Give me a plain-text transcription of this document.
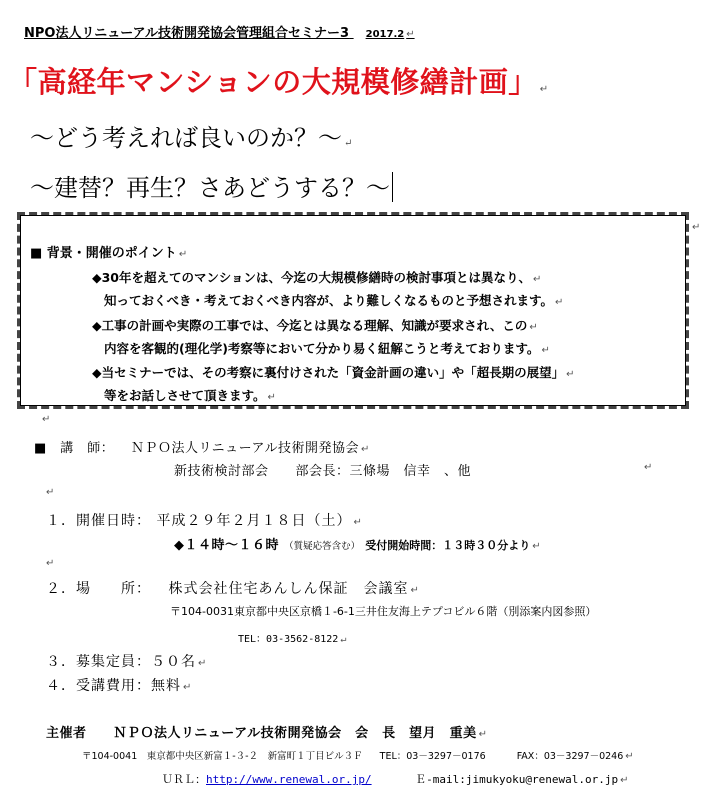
NPO法人リニューアル技術開発協会管理組合セミナー3 2017.2 ↵
「高経年マンションの大規模修繕計画」 ↵
～どう考えれば良いのか？～ ↵
～建替？再生？さあどうする？～
↵
■ 背景・開催のポイント ↵
◆30年を超えてのマンションは、今迄の大規模修繕時の検討事項とは異なり、 ↵
知っておくべき・考えておくべき内容が、より難しくなるものと予想されます。 ↵
◆工事の計画や実際の工事では、今迄とは異なる理解、知識が要求され、この ↵
内容を客観的(理化学)考察等において分かり易く紐解こうと考えております。 ↵
◆当セミナーでは、その考察に裏付けされた「資金計画の違い」や「超長期の展望」 ↵
等をお話しさせて頂きます。 ↵
↵
■　講　師： ＮＰＯ法人リニューアル技術開発協会 ↵
新技術検討部会　　部会長：三條場　信幸　、他	↵
↵
１．開催日時： 平成２９年２月１８日（土） ↵
◆１４時～１６時 （質疑応答含む） 受付開始時間：１３時３０分より ↵
↵
２．場　　所： 株式会社住宅あんしん保証　会議室 ↵
〒104-0031東京都中央区京橋１-6-1三井住友海上テプコビル６階（別添案内図参照）
TEL：03-3562-8122 ↵
３．募集定員：５０名 ↵
４．受講費用：無料 ↵
主催者 ＮＰＯ法人リニューアル技術開発協会　会　長　望月　重美 ↵
〒104-0041　東京都中央区新富１-３-２　新富町１丁目ビル３Ｆ TEL：03－3297－0176	FAX：03－3297－0246 ↵
ＵＲＬ：http://www.renewal.or.jp/	Ｅ-mail:jimukyoku@renewal.or.jp ↵
